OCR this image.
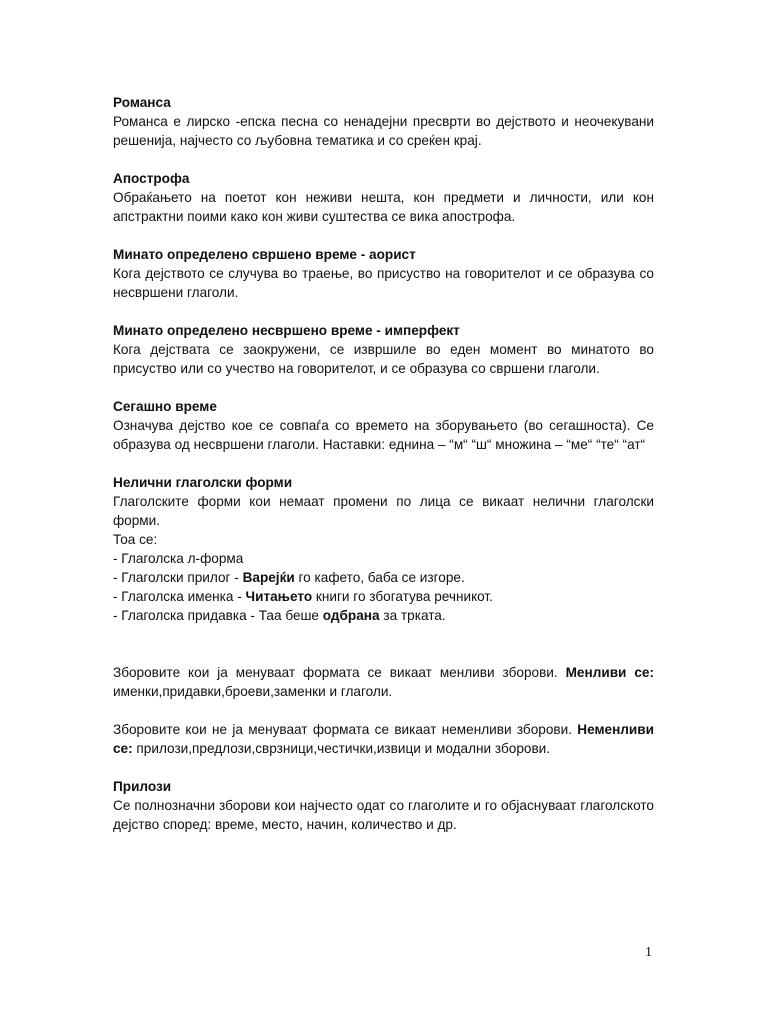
Романса

Романса е лирско -епска песна со ненадејни пресврти во дејството и неочекувани решенија, најчесто со љубовна тематика и со среќен крај.

Апострофа

Обраќањето на поетот кон неживи нешта, кон предмети и личности, или кон апстрактни поими како кон живи суштества се вика апострофа.

Минато определено свршено време - аорист

Кога дејството се случува во траење, во присуство на говорителот и се образува со несвршени глаголи.

Минато определено несвршено време - имперфект

Кога дејствата се заокружени, се извршиле во еден момент во минатото во присуство или со учество на говорителот, и се образува со свршени глаголи.

Сегашно време

Означува дејство кое се совпаѓа со времето на зборувањето (во сегашноста). Се образува од несвршени глаголи. Наставки: еднина – “м“ “ш“ множина – “ме“ “те“ “ат“

Нелични глаголски форми

Глаголските форми кои немаат промени по лица се викаат нелични глаголски форми.

Тоа се:
- Глаголска л-форма
- Глаголски прилог - Варејќи го кафето, баба се изгоре.
- Глаголска именка - Читањето книги го збогатува речникот.
- Глаголска придавка - Таа беше одбрана за трката.

Зборовите кои ја менуваат формата се викаат менливи зборови. Менливи се: именки,придавки,броеви,заменки и глаголи.

Зборовите кои не ја менуваат формата се викаат неменливи зборови. Неменливи се: прилози,предлози,сврзници,честички,извици и модални зборови.

Прилози

Се полнозначни зборови кои најчесто одат со глаголите и го објаснуваат глаголското дејство според: време, место, начин, количество и др.

1
